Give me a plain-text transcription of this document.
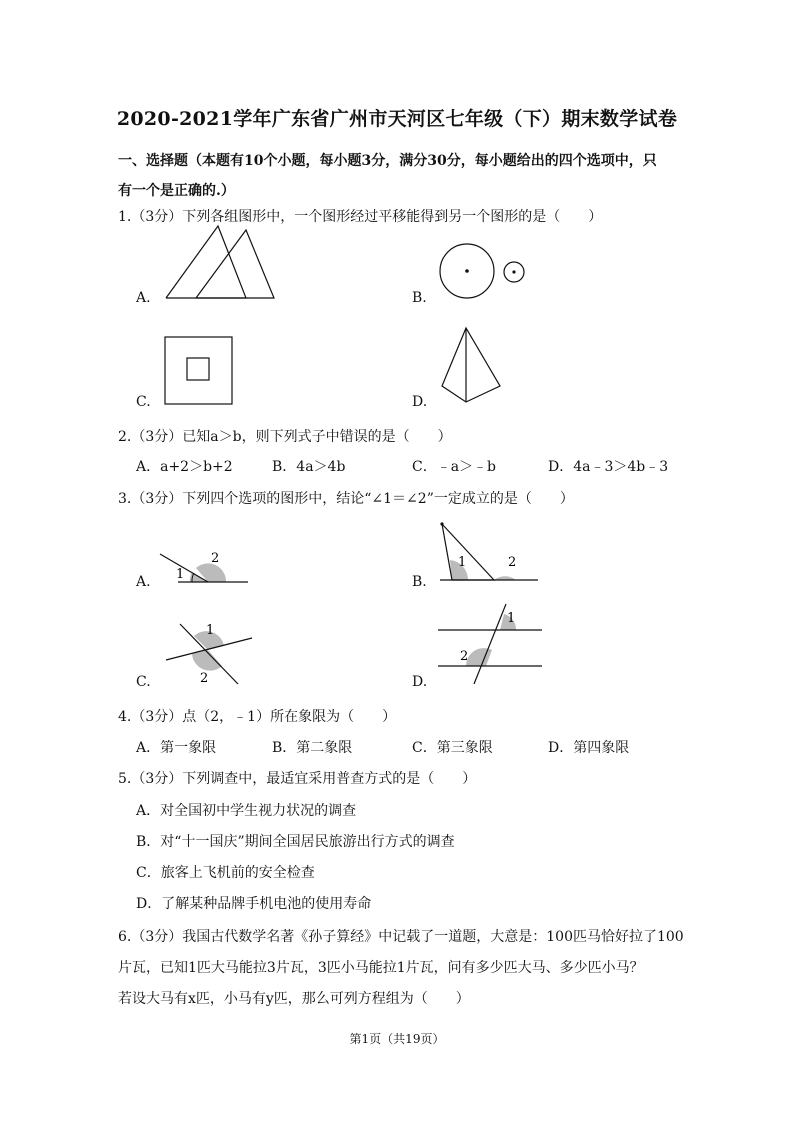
2020-2021学年广东省广州市天河区七年级（下）期末数学试卷
一、选择题（本题有10个小题，每小题3分，满分30分，每小题给出的四个选项中，只
有一个是正确的.）
1.（3分）下列各组图形中，一个图形经过平移能得到另一个图形的是（　　）
A.	B.
C.	D.
2.（3分）已知a＞b，则下列式子中错误的是（　　）
A．a+2＞b+2	B．4a＞4b	C．﹣a＞﹣b	D．4a﹣3＞4b﹣3
3.（3分）下列四个选项的图形中，结论“∠1＝∠2”一定成立的是（　　）
A. 1
2
B.
1	2
C.
1
2	D.
1
2
4.（3分）点（2，﹣1）所在象限为（　　）
A．第一象限	B．第二象限	C．第三象限	D．第四象限
5.（3分）下列调查中，最适宜采用普查方式的是（　　）
A．对全国初中学生视力状况的调查
B．对“十一国庆”期间全国居民旅游出行方式的调查
C．旅客上飞机前的安全检查
D．了解某种品牌手机电池的使用寿命
6.（3分）我国古代数学名著《孙子算经》中记载了一道题，大意是：100匹马恰好拉了100
片瓦，已知1匹大马能拉3片瓦，3匹小马能拉1片瓦，问有多少匹大马、多少匹小马？
若设大马有x匹，小马有y匹，那么可列方程组为（　　）
第1页（共19页）
